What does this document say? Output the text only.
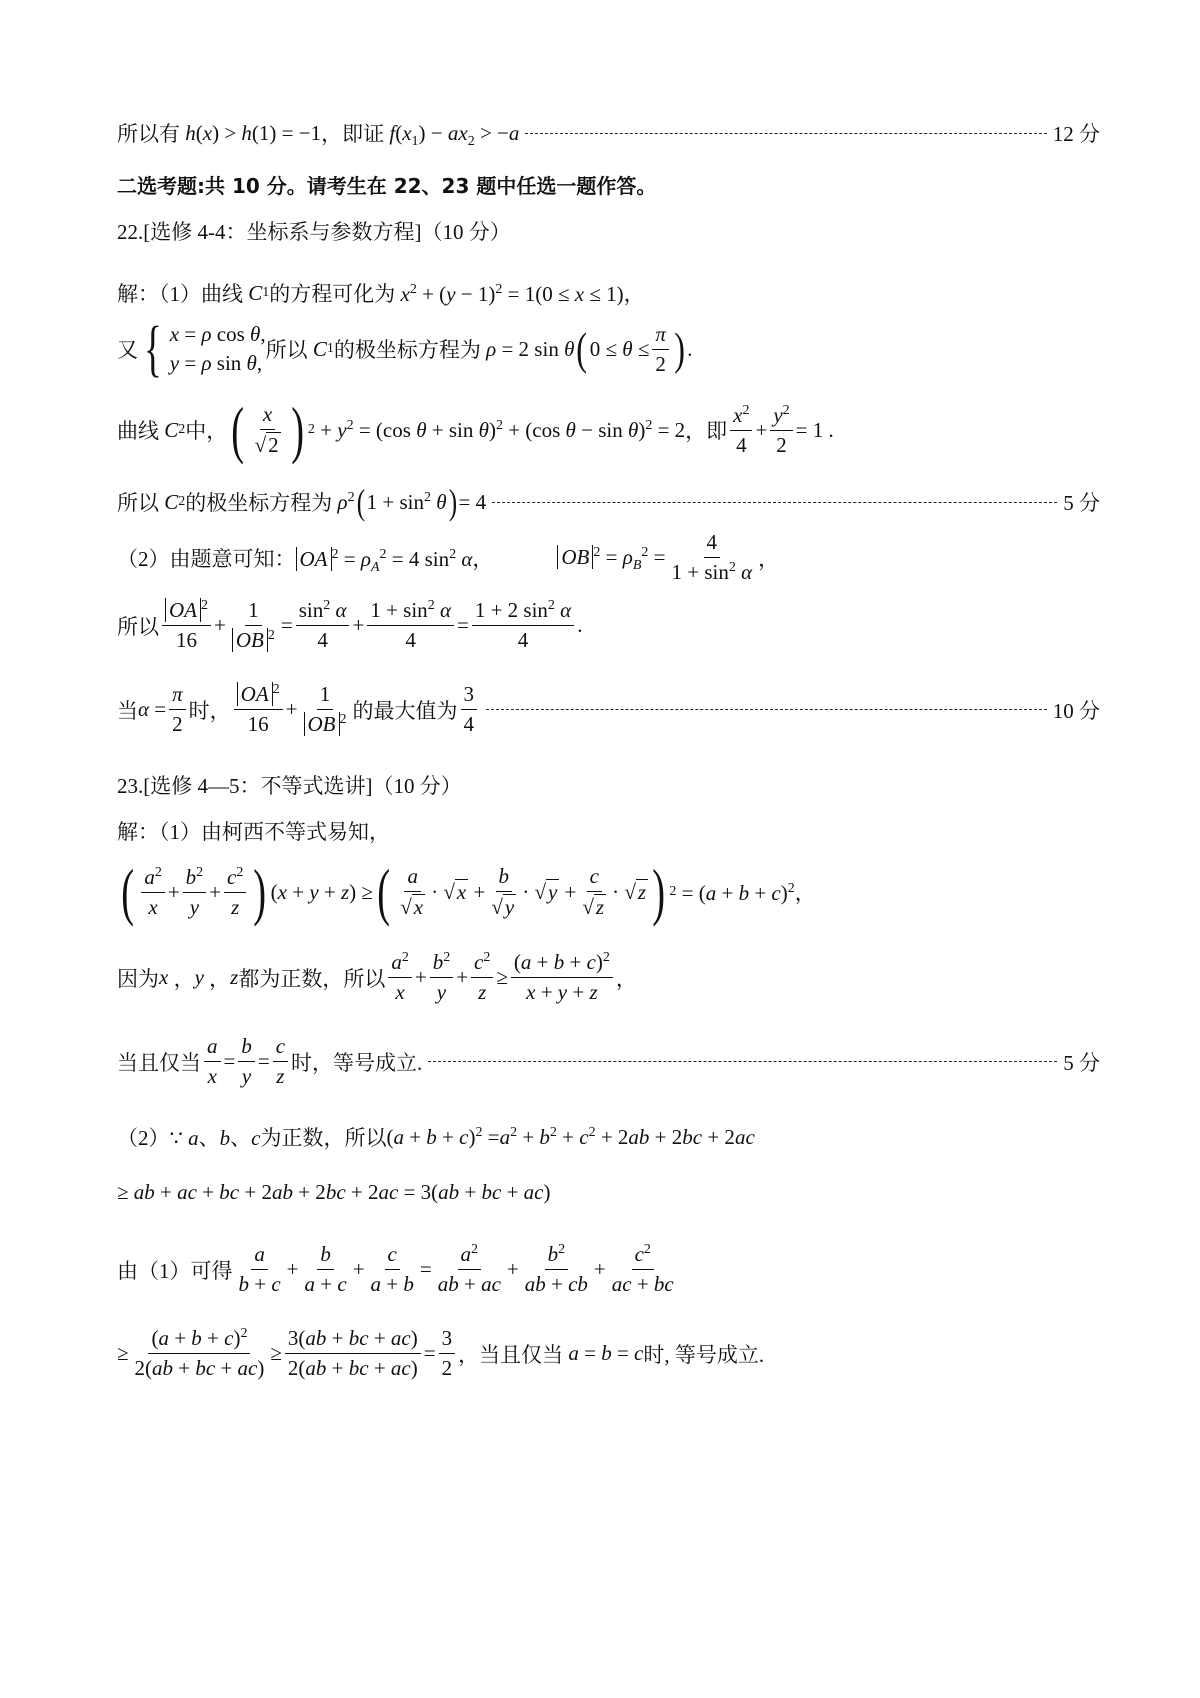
所以有 h(x) > h(1) = −1 ，即证 $f(x_1) - ax_2 > -a$	12 分
二选考题 :共 10 分。请考生在 22、23 题中任选一题作答。
22.[选修 4-4：坐标系与参数方程]（10 分）
解：（1）曲线 C 1 的方程可化为 $x^2 + (y - 1)^2 = 1(0 \le x \le 1)$，
又 { x = ρ cos θ,
y = ρ sin θ,
所以 C 1 的极坐标方程为 ρ = 2 sin θ ( $0 \le \theta \le \frac{\pi}{2}$ ) .
曲线 C 2 中， ( $\frac{x}{√ 2}$ ) $2 + y^2 = (\cos$ θ + sin θ)$^2$ + (cos θ − sin θ)$^2$ = 2 ，即 $\frac{x^2}{4} + \frac{y^2}{2} = 1$ .
所以 C 2 的极坐标方程为 $\rho^2$ ( $1 + \sin^2 \theta$ ) = 4	5 分
（2）由题意可知： OA $^2 = \rho_A^2 = 4$ $\sin^2 \alpha$，	OB $^2 = \rho_B^2 = \frac{4}{1 + \sin^2 \alpha}$ ，
所以 $\frac{OA ^2}{16} + \frac{1}{OB ^2} = \frac{\sin^2 \alpha}{4} + \frac{1 + \sin^2 \alpha}{4} = \frac{1 + 2 \sin^2 \alpha}{4}$ .
当 $\alpha = \frac{\pi}{2}$ 时， $\frac{OA ^2}{16} + \frac{1}{OB ^2}$ 的最大值为 $\frac{3}{4}$	10 分
23.[选修 4—5：不等式选讲]（10 分）
解：（1）由柯西不等式易知，
( $\frac{a^2}{x} + \frac{b^2}{y} + \frac{c^2}{z}$ ) (x + y + z) ≥ ( $\frac{a}{√ x}$ · √ $x + \frac{b}{√ y}$ · √ $y + \frac{c}{√ z}$ · √ z ) $2 = (a + b + c)^2$，
因为 x ， y ， z 都为正数，所以 $\frac{a^2}{x} + \frac{b^2}{y} + \frac{c^2}{z} \ge \frac{(a + b + c)^2}{x + y + z}$ ，
当且仅当 $\frac{a}{x} = \frac{b}{y} = \frac{c}{z}$ 时，等号成立.	5 分
（2） ∵ a、b、c 为正数，所以 $(a + b + c)^2 =a^2 + b^2 + c^2 + 2ab + 2bc + 2ac$
≥ ab + ac + bc + 2ab + 2bc + 2ac = 3(ab + bc + ac)
由（1）可得 $\frac{a}{b + c} + \frac{b}{a + c} + \frac{c}{a + b} = \frac{a^2}{ab + ac} + \frac{b^2}{ab + cb} + \frac{c^2}{ac + bc}$
≥ $\frac{(a + b + c)^2}{2(ab + bc + ac)} \ge \frac{3(ab + bc + ac)}{2(ab + bc + ac)} = \frac{3}{2}$ ，当且仅当 a = b = c 时, 等号成立.
